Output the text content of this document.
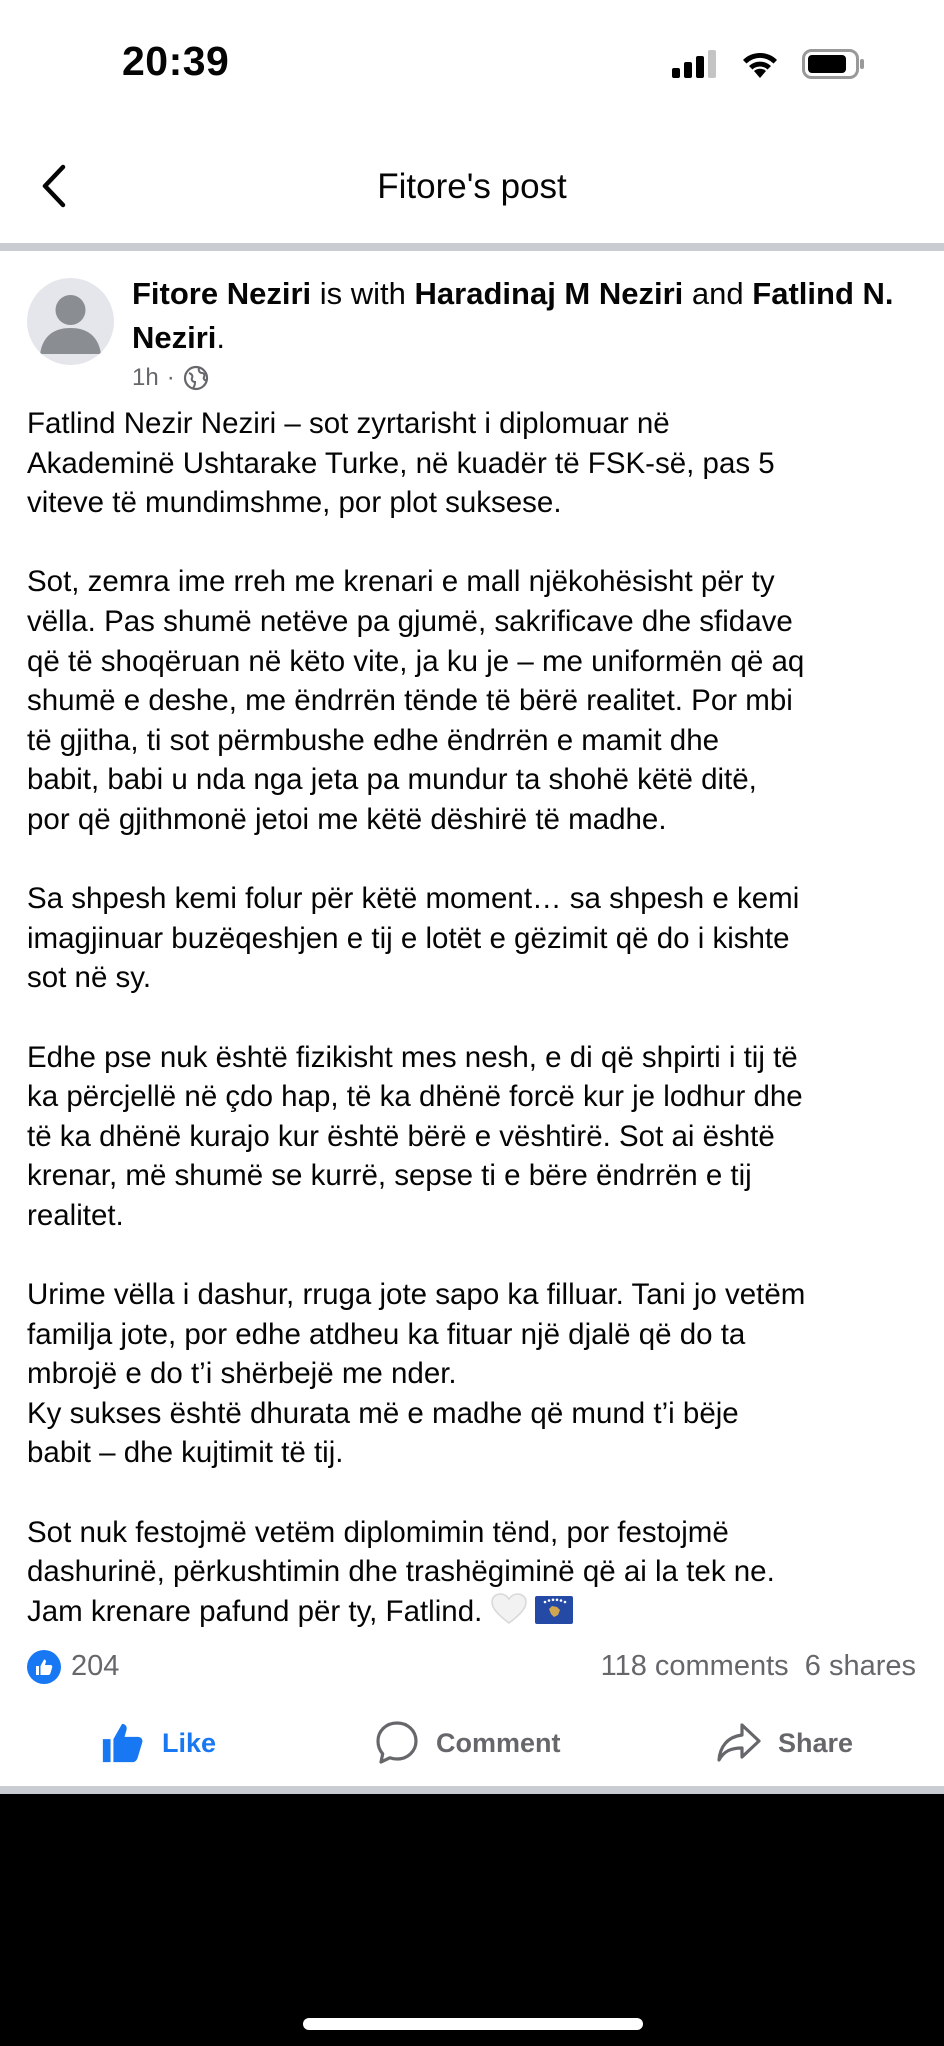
20:39
Fitore's post
Fitore Neziri is with Haradinaj M Neziri and Fatlind N. Neziri.
1h ·

Fatlind Nezir Neziri – sot zyrtarisht i diplomuar në
Akademinë Ushtarake Turke, në kuadër të FSK-së, pas 5
viteve të mundimshme, por plot suksese.

Sot, zemra ime rreh me krenari e mall njëkohësisht për ty
vëlla. Pas shumë netëve pa gjumë, sakrificave dhe sfidave
që të shoqëruan në këto vite, ja ku je – me uniformën që aq
shumë e deshe, me ëndrrën tënde të bërë realitet. Por mbi
të gjitha, ti sot përmbushe edhe ëndrrën e mamit dhe
babit, babi u nda nga jeta pa mundur ta shohë këtë ditë,
por që gjithmonë jetoi me këtë dëshirë të madhe.

Sa shpesh kemi folur për këtë moment… sa shpesh e kemi
imagjinuar buzëqeshjen e tij e lotët e gëzimit që do i kishte
sot në sy.

Edhe pse nuk është fizikisht mes nesh, e di që shpirti i tij të
ka përcjellë në çdo hap, të ka dhënë forcë kur je lodhur dhe
të ka dhënë kurajo kur është bërë e vështirë. Sot ai është
krenar, më shumë se kurrë, sepse ti e bëre ëndrrën e tij
realitet.

Urime vëlla i dashur, rruga jote sapo ka filluar. Tani jo vetëm
familja jote, por edhe atdheu ka fituar një djalë që do ta
mbrojë e do t’i shërbejë me nder.
Ky sukses është dhurata më e madhe që mund t’i bëje
babit – dhe kujtimit të tij.

Sot nuk festojmë vetëm diplomimin tënd, por festojmë
dashurinë, përkushtimin dhe trashëgiminë që ai la tek ne.
Jam krenare pafund për ty, Fatlind.

204	118 comments 6 shares
Like	Comment	Share
